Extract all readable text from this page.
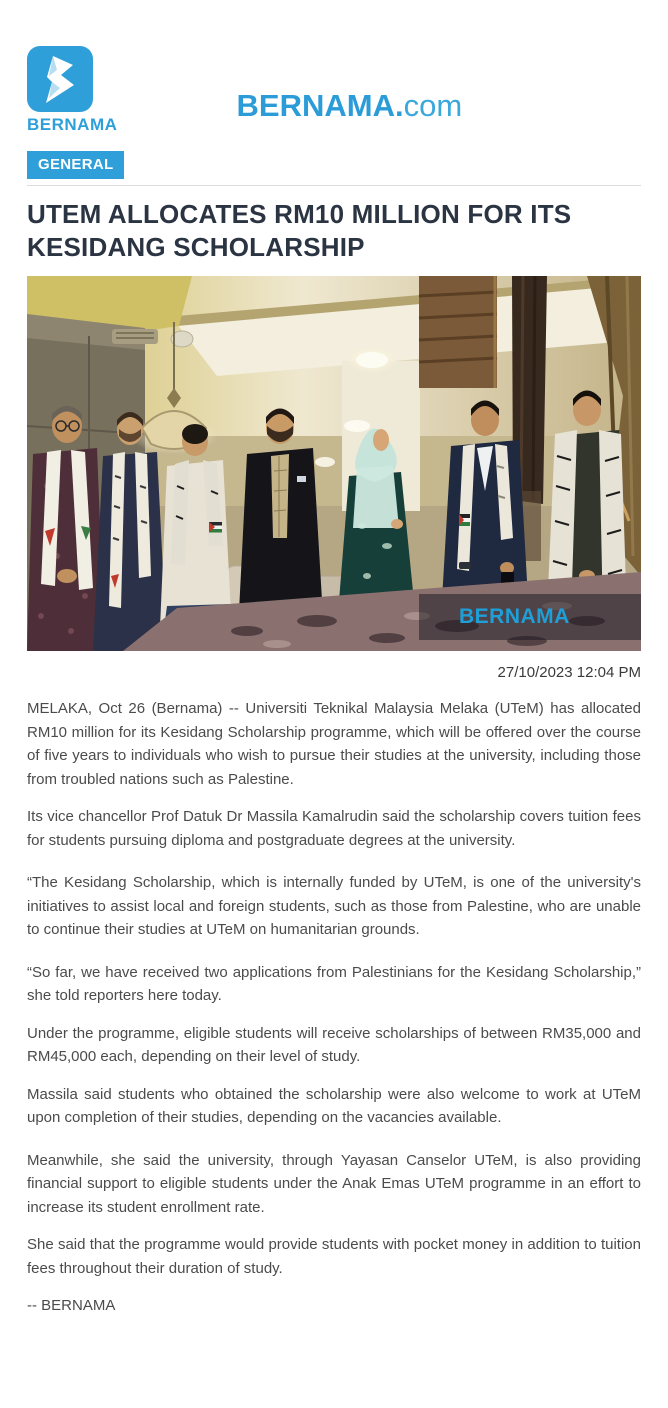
BERNAMA
BERNAMA.com
GENERAL
UTEM ALLOCATES RM10 MILLION FOR ITS KESIDANG SCHOLARSHIP
BERNAMA
27/10/2023 12:04 PM

MELAKA, Oct 26 (Bernama) -- Universiti Teknikal Malaysia Melaka (UTeM) has allocated RM10 million for its Kesidang Scholarship programme, which will be offered over the course of five years to individuals who wish to pursue their studies at the university, including those from troubled nations such as Palestine.

Its vice chancellor Prof Datuk Dr Massila Kamalrudin said the scholarship covers tuition fees for students pursuing diploma and postgraduate degrees at the university.

“The Kesidang Scholarship, which is internally funded by UTeM, is one of the university's initiatives to assist local and foreign students, such as those from Palestine, who are unable to continue their studies at UTeM on humanitarian grounds.

“So far, we have received two applications from Palestinians for the Kesidang Scholarship,” she told reporters here today.

Under the programme, eligible students will receive scholarships of between RM35,000 and RM45,000 each, depending on their level of study.

Massila said students who obtained the scholarship were also welcome to work at UTeM upon completion of their studies, depending on the vacancies available.

Meanwhile, she said the university, through Yayasan Canselor UTeM, is also providing financial support to eligible students under the Anak Emas UTeM programme in an effort to increase its student enrollment rate.

She said that the programme would provide students with pocket money in addition to tuition fees throughout their duration of study.

-- BERNAMA
